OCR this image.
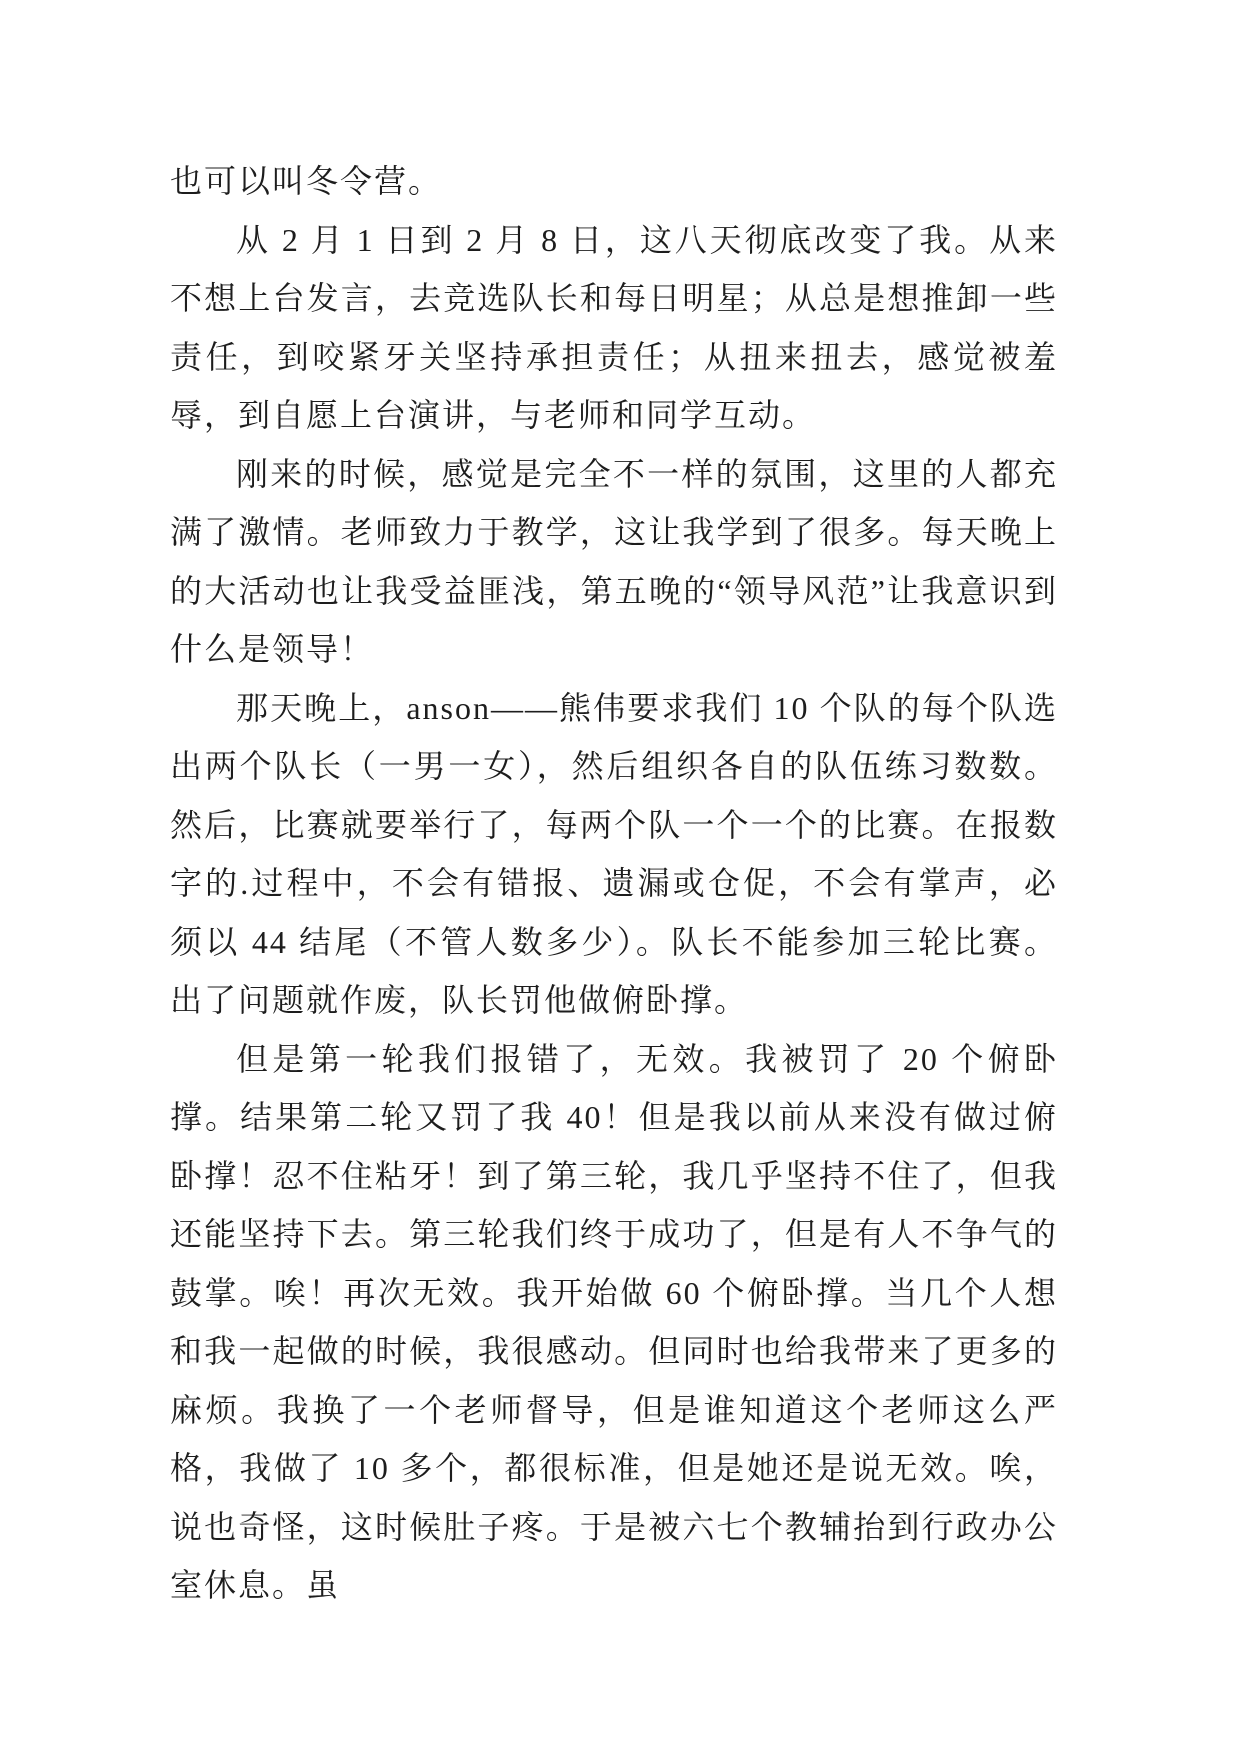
也可以叫冬令营。

从 2 月 1 日到 2 月 8 日，这八天彻底改变了我。从来不想上台发言，去竞选队长和每日明星；从总是想推卸一些责任，到咬紧牙关坚持承担责任；从扭来扭去，感觉被羞辱，到自愿上台演讲，与老师和同学互动。

刚来的时候，感觉是完全不一样的氛围，这里的人都充满了激情。老师致力于教学，这让我学到了很多。每天晚上的大活动也让我受益匪浅，第五晚的“领导风范”让我意识到什么是领导！

那天晚上，anson——熊伟要求我们 10 个队的每个队选出两个队长（一男一女），然后组织各自的队伍练习数数。然后，比赛就要举行了，每两个队一个一个的比赛。在报数字的.过程中，不会有错报、遗漏或仓促，不会有掌声，必须以 44 结尾（不管人数多少）。队长不能参加三轮比赛。出了问题就作废，队长罚他做俯卧撑。

但是第一轮我们报错了，无效。我被罚了 20 个俯卧撑。结果第二轮又罚了我 40！但是我以前从来没有做过俯卧撑！忍不住粘牙！到了第三轮，我几乎坚持不住了，但我还能坚持下去。第三轮我们终于成功了，但是有人不争气的鼓掌。唉！再次无效。我开始做 60 个俯卧撑。当几个人想和我一起做的时候，我很感动。但同时也给我带来了更多的麻烦。我换了一个老师督导，但是谁知道这个老师这么严格，我做了 10 多个，都很标准，但是她还是说无效。唉，说也奇怪，这时候肚子疼。于是被六七个教辅抬到行政办公室休息。虽
